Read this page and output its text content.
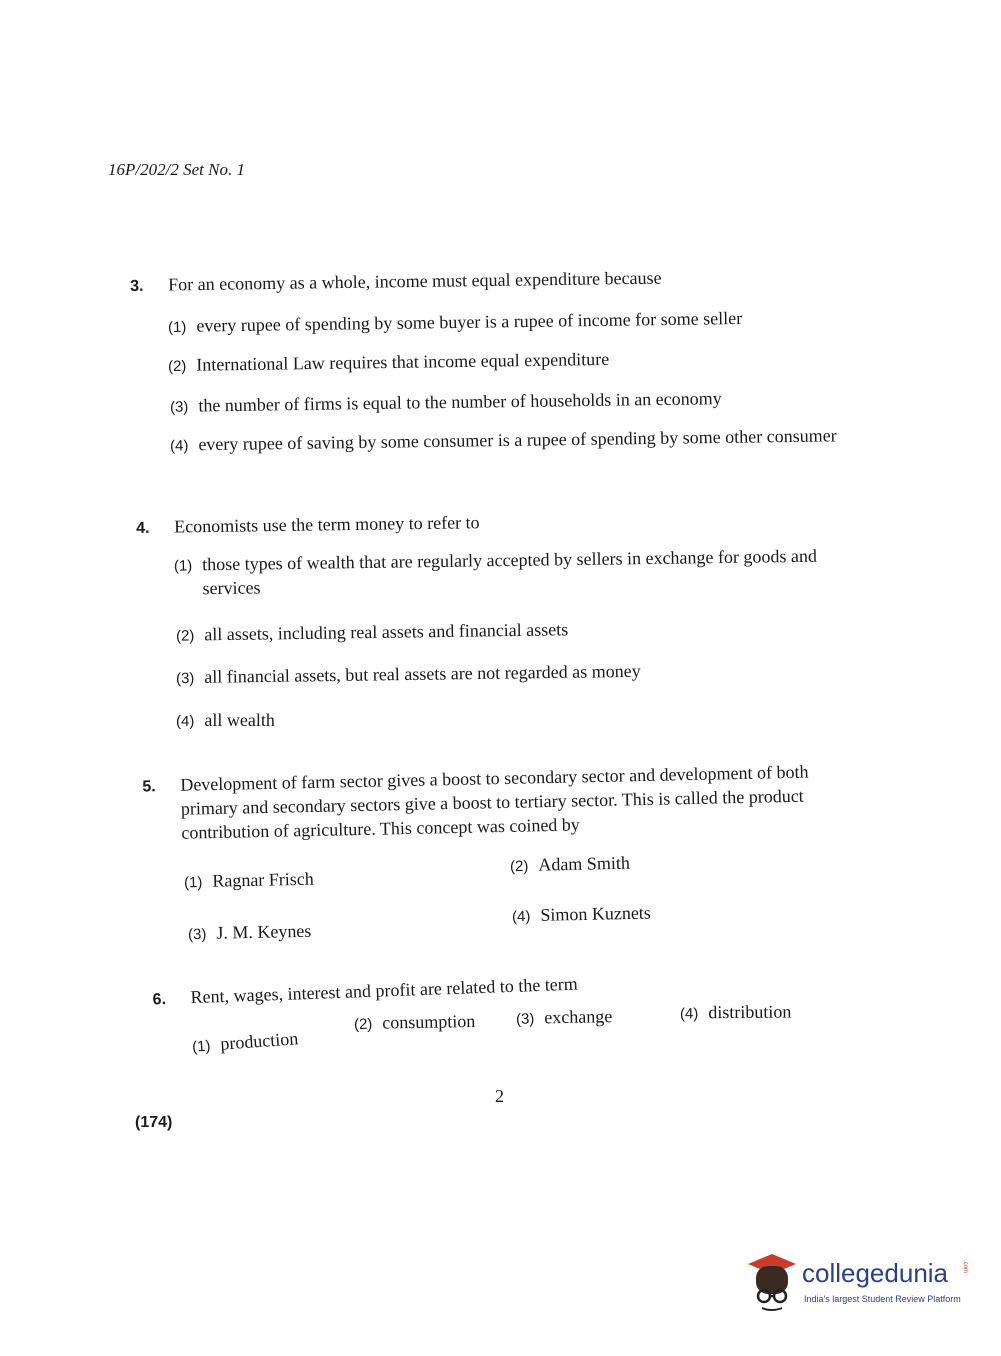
16P/202/2 Set No. 1
3. For an economy as a whole, income must equal expenditure because
(1) every rupee of spending by some buyer is a rupee of income for some seller
(2) International Law requires that income equal expenditure
(3) the number of firms is equal to the number of households in an economy
(4) every rupee of saving by some consumer is a rupee of spending by some other consumer
4. Economists use the term money to refer to
(1) those types of wealth that are regularly accepted by sellers in exchange for goods and services
(2) all assets, including real assets and financial assets
(3) all financial assets, but real assets are not regarded as money
(4) all wealth
5. Development of farm sector gives a boost to secondary sector and development of both primary and secondary sectors give a boost to tertiary sector. This is called the product contribution of agriculture. This concept was coined by
(1) Ragnar Frisch
(2) Adam Smith
(3) J. M. Keynes
(4) Simon Kuznets
6. Rent, wages, interest and profit are related to the term
(1) production
(2) consumption	(3) exchange	(4) distribution
2
(174)
collegedunia .com
India's largest Student Review Platform
